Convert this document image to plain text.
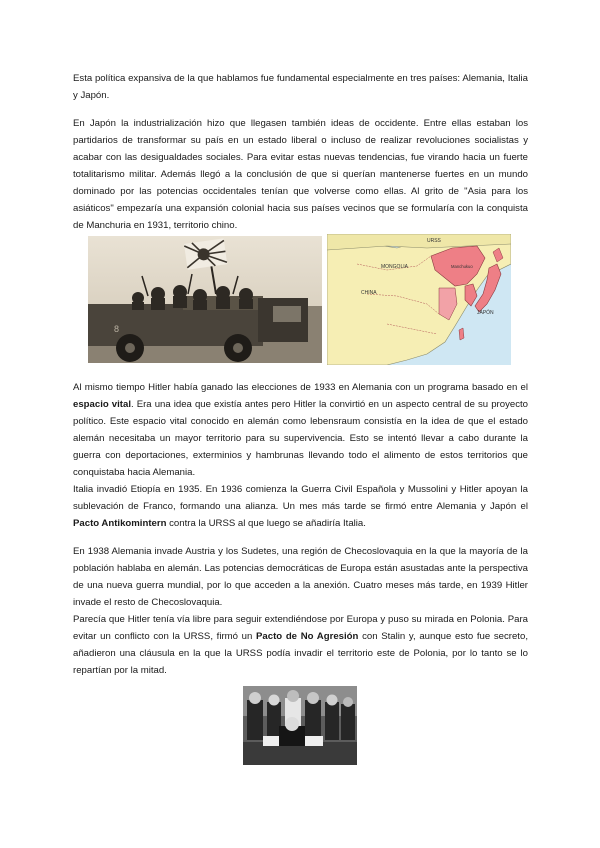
Esta política expansiva de la que hablamos fue fundamental especialmente en tres países: Alemania, Italia y Japón.

En Japón la industrialización hizo que llegasen también ideas de occidente. Entre ellas estaban los partidarios de transformar su país en un estado liberal o incluso de realizar revoluciones socialistas y acabar con las desigualdades sociales. Para evitar estas nuevas tendencias, fue virando hacia un fuerte totalitarismo militar. Además llegó a la conclusión de que si querían mantenerse fuertes en un mundo dominado por las potencias occidentales tenían que volverse como ellas. Al grito de "Asia para los asiáticos" empezaría una expansión colonial hacia sus países vecinos que se formularía con la conquista de Manchuria en 1931, territorio chino.

8
URSS
MONGOLIA	Manchukuo
CHINA
JAPÓN

Al mismo tiempo Hitler había ganado las elecciones de 1933 en Alemania con un programa basado en el espacio vital. Era una idea que existía antes pero Hitler la convirtió en un aspecto central de su proyecto político. Este espacio vital conocido en alemán como lebensraum consistía en la idea de que el estado alemán necesitaba un mayor territorio para su supervivencia. Esto se intentó llevar a cabo durante la guerra con deportaciones, exterminios y hambrunas llevando todo el alimento de estos territorios que conquistaba hacia Alemania.

Italia invadió Etiopía en 1935. En 1936 comienza la Guerra Civil Española y Mussolini y Hitler apoyan la sublevación de Franco, formando una alianza. Un mes más tarde se firmó entre Alemania y Japón el Pacto Antikomintern contra la URSS al que luego se añadiría Italia.

En 1938 Alemania invade Austria y los Sudetes, una región de Checoslovaquia en la que la mayoría de la población hablaba en alemán. Las potencias democráticas de Europa están asustadas ante la perspectiva de una nueva guerra mundial, por lo que acceden a la anexión. Cuatro meses más tarde, en 1939 Hitler invade el resto de Checoslovaquia.

Parecía que Hitler tenía vía libre para seguir extendiéndose por Europa y puso su mirada en Polonia. Para evitar un conflicto con la URSS, firmó un Pacto de No Agresión con Stalin y, aunque esto fue secreto, añadieron una cláusula en la que la URSS podía invadir el territorio este de Polonia, por lo tanto se lo repartían por la mitad.
